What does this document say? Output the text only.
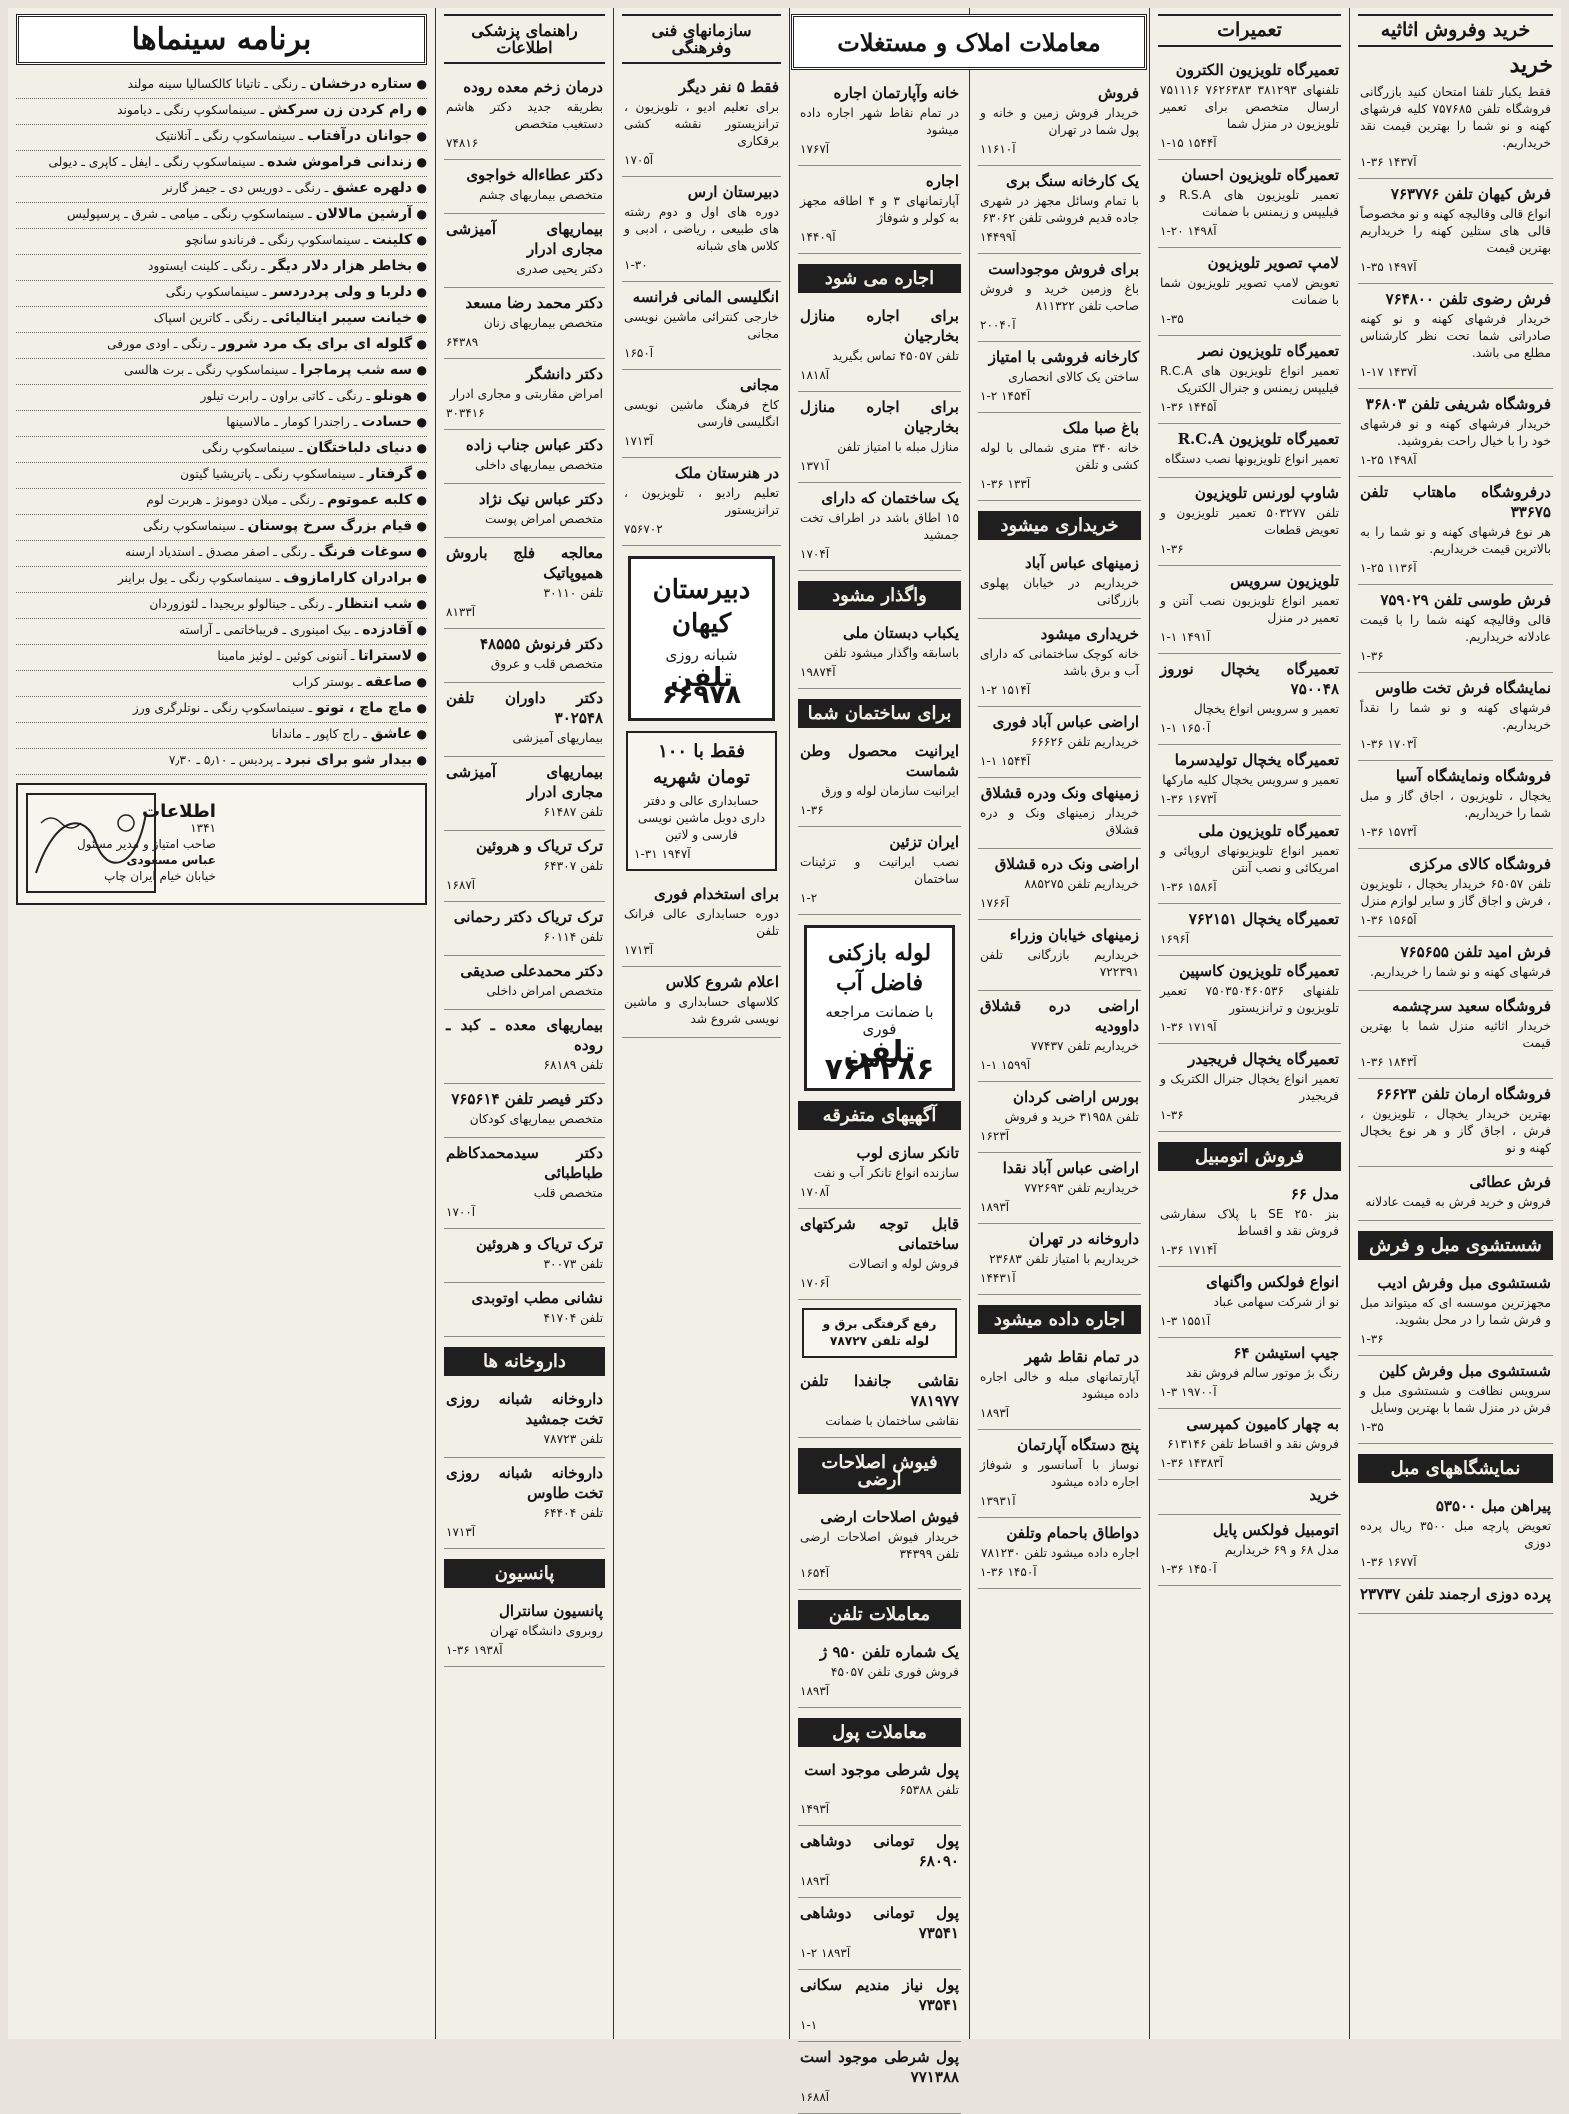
خرید وفروش اثاثیه
خرید
فقط یکبار تلفنا امتحان کنید بازرگانی فروشگاه تلفن ۷۵۷۶۸۵ کلیه فرشهای کهنه و نو شما را بهترین قیمت نقد خریداریم.
۱-۳۶ آ۱۴۳۷
فرش کیهان تلفن ۷۶۳۷۷۶
انواع قالی وقالیچه کهنه و نو مخصوصاً قالی های ستلین کهنه را خریداریم بهترین قیمت
۱-۳۵ آ۱۴۹۷
فرش رضوی تلفن ۷۶۴۸۰۰
خریدار فرشهای کهنه و نو کهنه صادراتی شما تحت نظر کارشناس مطلع می باشد.
۱-۱۷ آ۱۴۳۷
فروشگاه شریفی تلفن ۳۶۸۰۳
خریدار فرشهای کهنه و نو فرشهای خود را با خیال راحت بفروشید.
۱-۲۵ آ۱۴۹۸
درفروشگاه ماهتاب تلفن ۳۳۶۷۵
هر نوع فرشهای کهنه و نو شما را به بالاترین قیمت خریداریم.
۱-۲۵ آ۱۱۳۶
فرش طوسی تلفن ۷۵۹۰۲۹
قالی وقالیچه کهنه شما را با قیمت عادلانه خریداریم.
۱-۳۶
نمایشگاه فرش تخت طاوس
فرشهای کهنه و نو شما را نقداً خریداریم.
۱-۳۶ آ۱۷۰۳
فروشگاه ونمایشگاه آسیا
یخچال ، تلویزیون ، اجاق گاز و مبل شما را خریداریم.
۱-۳۶ آ۱۵۷۳
فروشگاه کالای مرکزی
تلفن ۶۵۰۵۷ خریدار یخچال ، تلویزیون ، فرش و اجاق گاز و سایر لوازم منزل
۱-۳۶ آ۱۵۶۵
فرش امید تلفن ۷۶۵۶۵۵
فرشهای کهنه و نو شما را خریداریم.
فروشگاه سعید سرچشمه
خریدار اثاثیه منزل شما با بهترین قیمت
۱-۳۶ آ۱۸۴۳
فروشگاه ارمان تلفن ۶۶۶۲۳
بهترین خریدار یخچال ، تلویزیون ، فرش ، اجاق گاز و هر نوع یخچال کهنه و نو
فرش عطائی
فروش و خرید فرش به قیمت عادلانه
شستشوی مبل و فرش
شستشوی مبل وفرش ادیب
مجهزترین موسسه ای که میتواند مبل و فرش شما را در محل بشوید.
۱-۳۶
شستشوی مبل وفرش کلین
سرویس نظافت و شستشوی مبل و فرش در منزل شما با بهترین وسایل
۱-۳۵
نمایشگاههای مبل
پیراهن مبل ۵۳۵۰۰
تعویض پارچه مبل ۳۵۰۰ ریال پرده دوزی
۱-۳۶ آ۱۶۷۷
پرده دوزی ارجمند تلفن ۲۳۷۳۷
تعمیرات
تعمیرگاه تلویزیون الکترون
تلفنهای ۳۸۱۲۹۳ ۷۶۲۶۳۸۳ ۷۵۱۱۱۶ ارسال متخصص برای تعمیر تلویزیون در منزل شما
۱-۱۵ آ۱۵۴۴
تعمیرگاه تلویزیون احسان
تعمیر تلویزیون های R.S.A و فیلیپس و زیمنس با ضمانت
۱-۲۰ آ۱۴۹۸
لامپ تصویر تلویزیون
تعویض لامپ تصویر تلویزیون شما با ضمانت
۱-۳۵
تعمیرگاه تلویزیون نصر
تعمیر انواع تلویزیون های R.C.A فیلیپس زیمنس و جنرال الکتریک
۱-۳۶ آ۱۴۴۵
تعمیرگاه تلویزیون R.C.A
تعمیر انواع تلویزیونها نصب دستگاه
شاوپ لورنس تلویزیون
تلفن ۵۰۳۲۷۷ تعمیر تلویزیون و تعویض قطعات
۱-۳۶
تلویزیون سرویس
تعمیر انواع تلویزیون نصب آنتن و تعمیر در منزل
۱-۱ آ۱۴۹۱
تعمیرگاه یخچال نوروز ۷۵۰۰۴۸
تعمیر و سرویس انواع یخچال
۱-۱ آ۱۶۵۰
تعمیرگاه یخچال تولیدسرما
تعمیر و سرویس یخچال کلیه مارکها
۱-۳۶ آ۱۶۷۳
تعمیرگاه تلویزیون ملی
تعمیر انواع تلویزیونهای اروپائی و امریکائی و نصب آنتن
۱-۳۶ آ۱۵۸۶
تعمیرگاه یخچال ۷۶۲۱۵۱
آ۱۶۹۶
تعمیرگاه تلویزیون کاسپین
تلفنهای ۷۵۰۳۵۰۴۶۰۵۳۶ تعمیر تلویزیون و ترانزیستور
۱-۳۶ آ۱۷۱۹
تعمیرگاه یخچال فریجیدر
تعمیر انواع یخچال جنرال الکتریک و فریجیدر
۱-۳۶
فروش اتومبیل
مدل ۶۶
بنز SE ۲۵۰ با پلاک سفارشی فروش نقد و اقساط
۱-۳۶ آ۱۷۱۴
انواع فولکس واگنهای
نو از شرکت سهامی عباد
۱-۳ آ۱۵۵۱
جیپ استیشن ۶۴
رنگ بژ موتور سالم فروش نقد
۱-۳ آ۱۹۷۰۰
به چهار کامیون کمپرسی
فروش نقد و اقساط تلفن ۶۱۳۱۴۶
۱-۳۶ آ۱۴۳۸۳
خرید
اتومبیل فولکس پایل
مدل ۶۸ و ۶۹ خریداریم
۱-۳۶ آ۱۴۵۰
فروش
خریدار فروش زمین و خانه و پول شما در تهران
آ۱۱۶۱۰
یک کارخانه سنگ بری
با تمام وسائل مجهز در شهری جاده قدیم فروشی تلفن ۶۳۰۶۲
آ۱۴۴۹۹
برای فروش موجوداست
باغ وزمین خرید و فروش صاحب تلفن ۸۱۱۳۲۲
آ۲۰۰۴۰
کارخانه فروشی با امتیاز
ساختن یک کالای انحصاری
۱-۲ آ۱۴۵۴
باغ صبا ملک
خانه ۳۴۰ متری شمالی با لوله کشی و تلفن
۱-۳۶ آ۱۳۳
خریداری میشود
زمینهای عباس آباد
خریداریم در خیابان پهلوی بازرگانی
خریداری میشود
خانه کوچک ساختمانی که دارای آب و برق باشد
۱-۲ آ۱۵۱۴
اراضی عباس آباد فوری
خریداریم تلفن ۶۶۶۲۶
۱-۱ آ۱۵۴۴
زمینهای ونک ودره قشلاق
خریدار زمینهای ونک و دره قشلاق
اراضی ونک دره قشلاق
خریداریم تلفن ۸۸۵۲۷۵
آ۱۷۶۶
زمینهای خیابان وزراء
خریداریم بازرگانی تلفن ۷۲۲۳۹۱
اراضی دره قشلاق داوودیه
خریداریم تلفن ۷۷۴۳۷
۱-۱ آ۱۵۹۹
بورس اراضی کردان
تلفن ۳۱۹۵۸ خرید و فروش
آ۱۶۲۳
اراضی عباس آباد نقدا
خریداریم تلفن ۷۷۲۶۹۳
آ۱۸۹۳
داروخانه در تهران
خریداریم با امتیاز تلفن ۲۳۶۸۳
آ۱۴۴۳۱
اجاره داده میشود
در تمام نقاط شهر
آپارتمانهای مبله و خالی اجاره داده میشود
آ۱۸۹۳
پنج دستگاه آپارتمان
نوساز با آسانسور و شوفاژ اجاره داده میشود
آ۱۳۹۳۱
دواطاق باحمام وتلفن
اجاره داده میشود تلفن ۷۸۱۲۳۰
۱-۳۶ آ۱۴۵۰
خانه وآپارتمان اجاره
در تمام نقاط شهر اجاره داده میشود
آ۱۷۶۷
اجاره
آپارتمانهای ۳ و ۴ اطاقه مجهز به کولر و شوفاژ
آ۱۴۴۰۹
اجاره می شود
برای اجاره منازل بخارجیان
تلفن ۴۵۰۵۷ تماس بگیرید
آ۱۸۱۸
برای اجاره منازل بخارجیان
منازل مبله با امتیاز تلفن
آ۱۳۷۱
یک ساختمان که دارای
۱۵ اطاق باشد در اطراف تخت جمشید
آ۱۷۰۴
واگذار مشود
یکباب دبستان ملی
باسابقه واگذار میشود تلفن
آ۱۹۸۷۴
برای ساختمان شما
ایرانیت محصول وطن شماست
ایرانیت سازمان لوله و ورق
۱-۳۶
ایران تزئین
نصب ایرانیت و تزئینات ساختمان
۱-۲
لوله بازکنی فاضل آب
با ضمانت مراجعه فوری
تلفن ۷۶۳۲۸۶
آگهیهای متفرقه
تانکر سازی لوب
سازنده انواع تانکر آب و نفت
آ۱۷۰۸
قابل توجه شرکتهای ساختمانی
فروش لوله و اتصالات
آ۱۷۰۶
رفع گرفتگی برق و لوله تلفن ۷۸۷۲۷
نقاشی جانفدا تلفن ۷۸۱۹۷۷
نقاشی ساختمان با ضمانت
فیوش اصلاحات ارضی
فیوش اصلاحات ارضی
خریدار فیوش اصلاحات ارضی تلفن ۳۴۳۹۹
آ۱۶۵۴
معاملات تلفن
یک شماره تلفن ۹۵۰ ژ
فروش فوری تلفن ۴۵۰۵۷
آ۱۸۹۳
معاملات پول
پول شرطی موجود است
تلفن ۶۵۳۸۸
آ۱۴۹۳
پول تومانی دوشاهی ۶۸۰۹۰
آ۱۸۹۳
پول تومانی دوشاهی ۷۳۵۴۱
۱-۲ آ۱۸۹۳
پول نیاز مندیم سکانی ۷۳۵۴۱
۱-۱
پول شرطی موجود است ۷۷۱۳۸۸
آ۱۶۸۸
معاملات املاک و مستغلات
سازمانهای فنی وفرهنگی
فقط ۵ نفر دیگر
برای تعلیم ادیو ، تلویزیون ، ترانزیستور نقشه کشی برقکاری
آ۱۷۰۵
دبیرستان ارس
دوره های اول و دوم رشته های طبیعی ، ریاضی ، ادبی و کلاس های شبانه
۱-۳۰
انگلیسی المانی فرانسه
خارجی کنترائی ماشین نویسی مجانی
آ۱۶۵۰
مجانی
کاخ فرهنگ ماشین نویسی انگلیسی فارسی
آ۱۷۱۳
در هنرستان ملک
تعلیم رادیو ، تلویزیون ، ترانزیستور
۷۵۶۷۰۲
دبیرستان کیهان
شبانه روزی
تلفن ۶۶۹۷۸
فقط با ۱۰۰ تومان شهریه
حسابداری عالی و دفتر داری دوبل ماشین نویسی فارسی و لاتین
۱-۳۱ آ۱۹۴۷
برای استخدام فوری
دوره حسابداری عالی فرانک تلفن
آ۱۷۱۳
اعلام شروع کلاس
کلاسهای حسابداری و ماشین نویسی شروع شد
راهنمای پزشکی اطلاعات
درمان زخم معده روده
بطریقه جدید دکتر هاشم دستغیب متخصص
۷۴۸۱۶
دکتر عطاءاله خواجوی
متخصص بیماریهای چشم
بیماریهای آمیزشی مجاری ادرار
دکتر یحیی صدری
دکتر محمد رضا مسعد
متخصص بیماریهای زنان
۶۴۳۸۹
دکتر دانشگر
امراض مقاربتی و مجاری ادرار
۳۰۳۴۱۶
دکتر عباس جناب زاده
متخصص بیماریهای داخلی
دکتر عباس نیک نژاد
متخصص امراض پوست
معالجه فلج باروش همیوپاتیک
تلفن ۳۰۱۱۰
آ۸۱۳۳
دکتر فرنوش ۴۸۵۵۵
متخصص قلب و عروق
دکتر داوران تلفن ۳۰۲۵۴۸
بیماریهای آمیزشی
بیماریهای آمیزشی مجاری ادرار
تلفن ۶۱۴۸۷
ترک تریاک و هروئین
تلفن ۶۴۳۰۷
آ۱۶۸۷
ترک تریاک دکتر رحمانی
تلفن ۶۰۱۱۴
دکتر محمدعلی صدیقی
متخصص امراض داخلی
بیماریهای معده ـ کبد ـ روده
تلفن ۶۸۱۸۹
دکتر فیصر تلفن ۷۶۵۶۱۴
متخصص بیماریهای کودکان
دکتر سیدمحمدکاظم طباطبائی
متخصص قلب
آ۱۷۰۰
ترک تریاک و هروئین
تلفن ۳۰۰۷۳
نشانی مطب اوتوبدی
تلفن ۴۱۷۰۴
داروخانه ها
داروخانه شبانه روزی تخت جمشید
تلفن ۷۸۷۲۳
داروخانه شبانه روزی تخت طاوس
تلفن ۶۴۴۰۴
آ۱۷۱۳
پانسیون
پانسیون سانترال
روبروی دانشگاه تهران
۱-۳۶ آ۱۹۳۸
برنامه سینماها
● ستاره درخشان ـ رنگی ـ تاتیانا کالکسالیا سینه مولند
● رام کردن زن سرکش ـ سینماسکوپ رنگی ـ دیاموند
● جوانان درآفتاب ـ سینماسکوپ رنگی ـ آتلانتیک
● زندانی فراموش شده ـ سینماسکوپ رنگی ـ ایفل ـ کاپری ـ دیولی
● دلهره عشق ـ رنگی ـ دوریس دی ـ جیمز گارنر
● آرشین مالالان ـ سینماسکوپ رنگی ـ میامی ـ شرق ـ پرسپولیس
● کلینت ـ سینماسکوپ رنگی ـ فرناندو سانچو
● بخاطر هزار دلار دیگر ـ رنگی ـ کلینت ایستوود
● دلربا و ولی پردردسر ـ سینماسکوپ رنگی
● خیانت سیبر ایتالیائی ـ رنگی ـ کاترین اسپاک
● گلوله ای برای یک مرد شرور ـ رنگی ـ اودی مورفی
● سه شب پرماجرا ـ سینماسکوپ رنگی ـ برت هالسی
● هونلو ـ رنگی ـ کاتی براون ـ رابرت تیلور
● حسادت ـ راجندرا کومار ـ مالاسینها
● دنیای دلباختگان ـ سینماسکوپ رنگی
● گرفتار ـ سینماسکوپ رنگی ـ پاتریشیا گیتون
● کلبه عموتوم ـ رنگی ـ میلان دومونژ ـ هربرت لوم
● قیام بزرگ سرخ پوستان ـ سینماسکوپ رنگی
● سوغات فرنگ ـ رنگی ـ اصفر مصدق ـ استدیاد ارسنه
● برادران کارامازوف ـ سینماسکوپ رنگی ـ یول براینر
● شب انتظار ـ رنگی ـ جینالولو بریجیدا ـ لئوزوردان
● آقادزده ـ بیک امینوری ـ فریباخاتمی ـ آراسته
● لاستراتا ـ آنتونی کوئین ـ لوئیز مامینا
● صاعقه ـ بوستر کراب
● ماچ ماچ ، توتو ـ سینماسکوپ رنگی ـ نوتلرگری ورز
● عاشق ـ راج کاپور ـ ماندانا
● بیدار شو برای نبرد ـ پردیس ـ ۵٫۱۰ ـ ۷٫۳۰
اطلاعات
۱۳۴۱
صاحب امتیاز و مدیر مسئول
عباس مسعودی
خیابان خیام ایران چاپ
